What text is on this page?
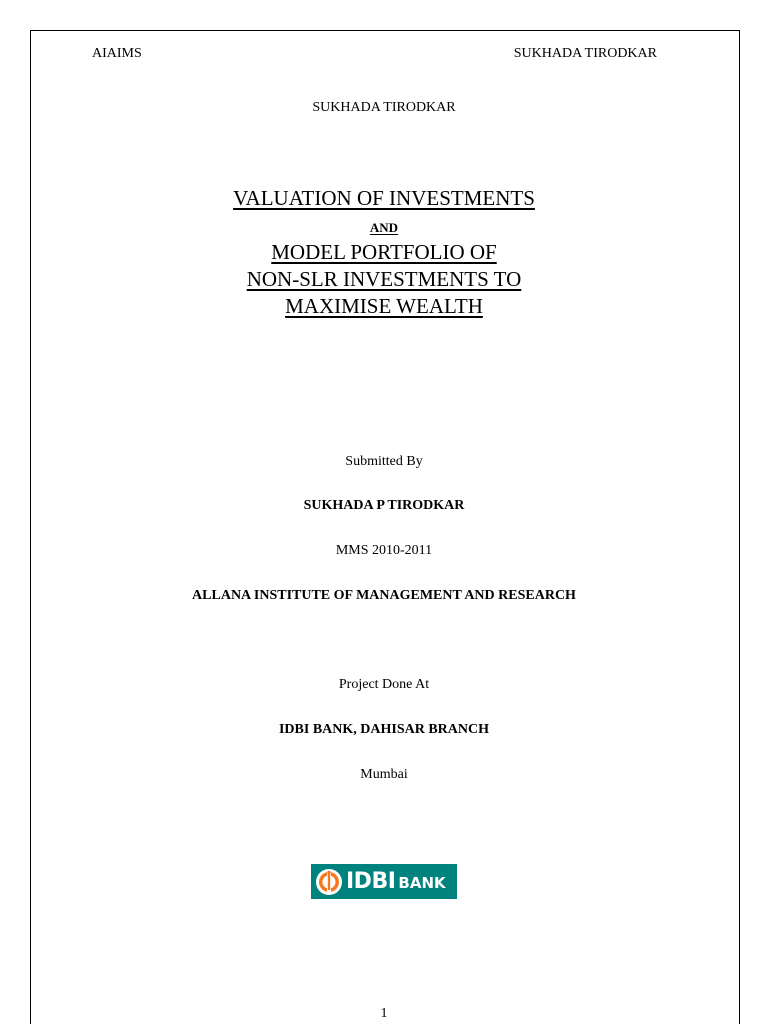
AIAIMS	SUKHADA TIRODKAR
SUKHADA TIRODKAR
VALUATION OF INVESTMENTS
AND
MODEL PORTFOLIO OF
NON-SLR INVESTMENTS TO
MAXIMISE WEALTH
Submitted By
SUKHADA P TIRODKAR
MMS 2010-2011
ALLANA INSTITUTE OF MANAGEMENT AND RESEARCH
Project Done At
IDBI BANK, DAHISAR BRANCH
Mumbai
IDBI BANK
1
